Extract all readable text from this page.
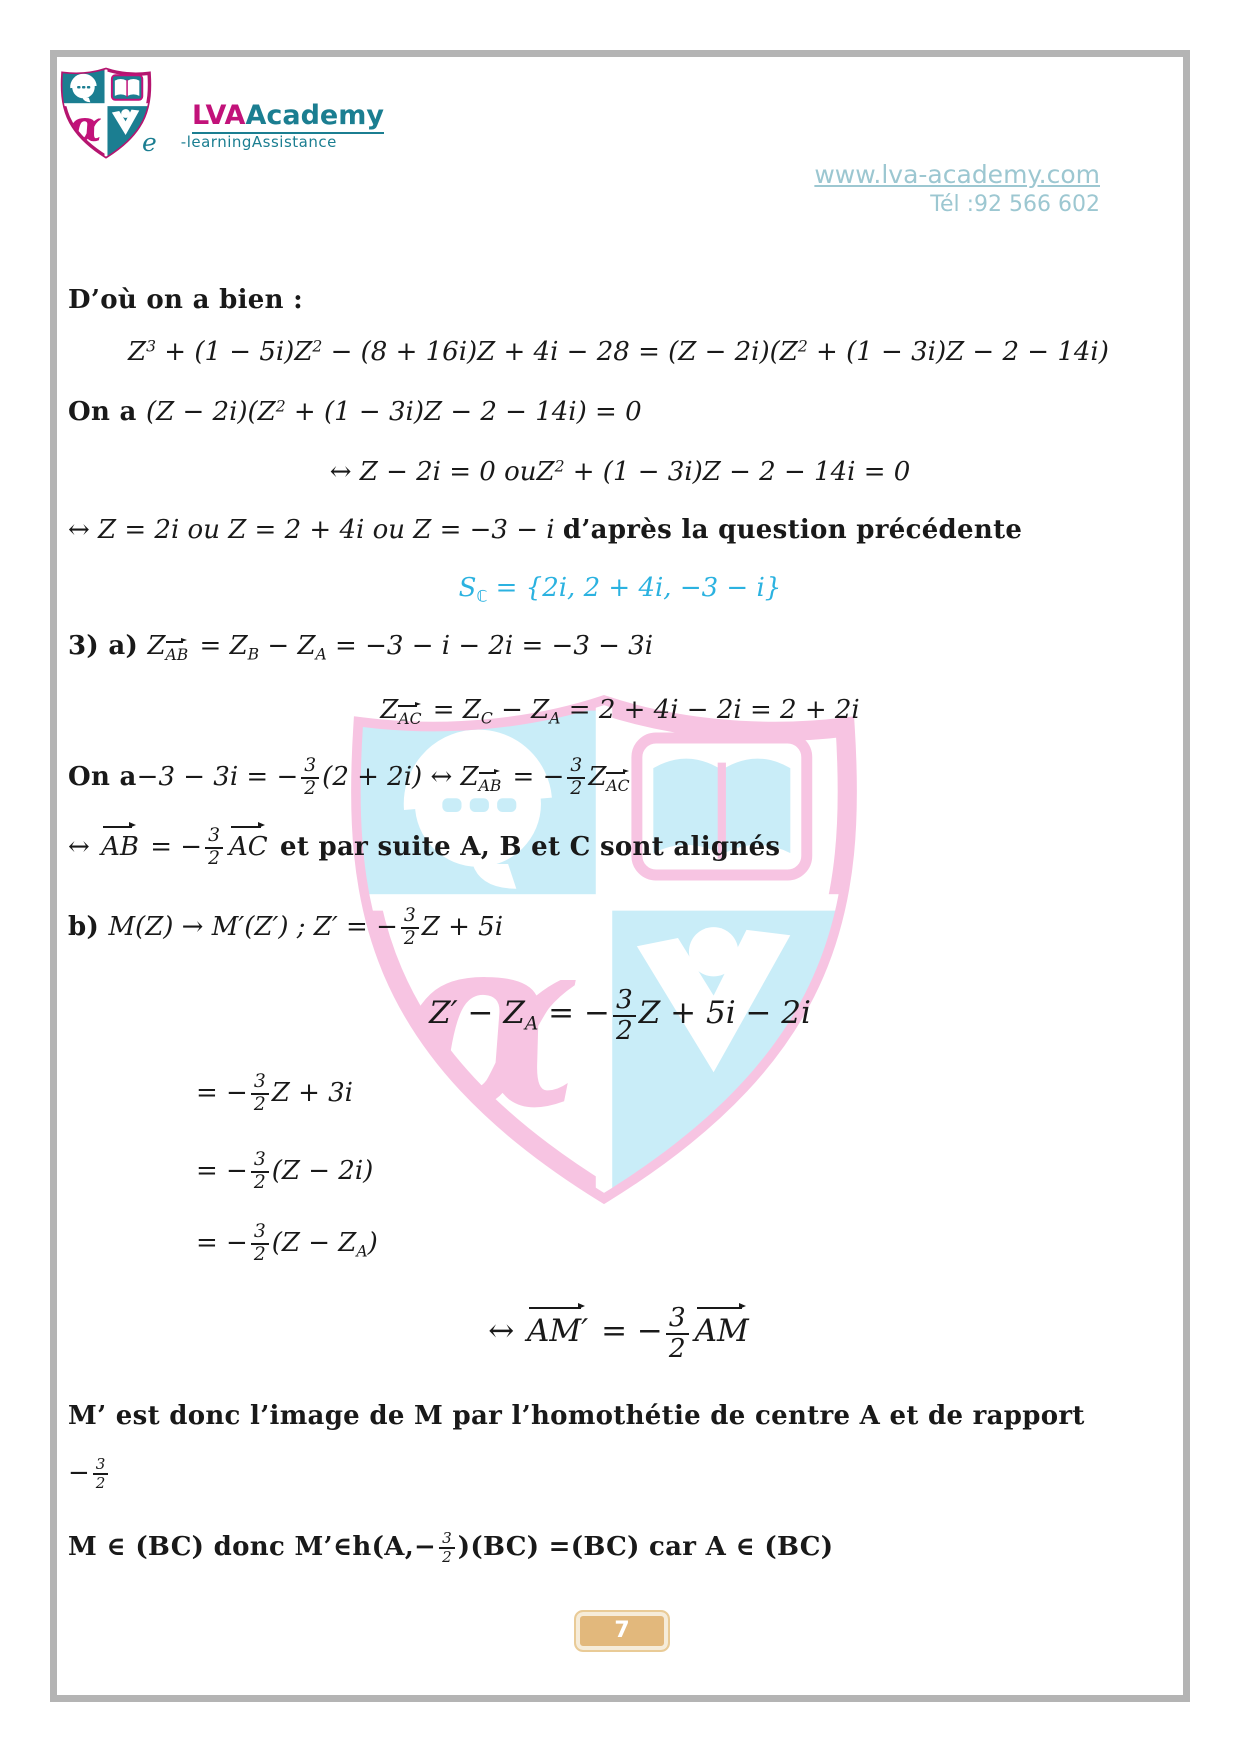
LVAAcademy
e -learningAssistance
www.lva-academy.com
Tél :92 566 602
D’où on a bien :
$Z^3 + (1 - 5i)Z^2 - (8 + 16i)Z + 4i - 28 = (Z - 2i)(Z^2 + (1 - 3i)Z - 2 - 14i)$
On a $(Z - 2i)(Z^2 + (1 - 3i)Z - 2 - 14i) = 0$
↔ Z − 2i = 0 ouZ$^2$ + (1 − 3i)Z − 2 − 14i = 0
↔ Z = 2i ou Z = 2 + 4i ou Z = −3 − i d’après la question précédente
$S_ℂ = \{2i$, 2 + 4i, −3 − i}
3) a) $Z_{AB} = Z_B - Z_A = -3 - i - 2i = -3 - 3i$
$Z_{AC} = Z_C - Z_A = 2 + 4i - 2i = 2 + 2i$
On a−3 − 3i = − $\frac{3}{2} (2 + 2i)$ ↔ $Z_{AB}$ = − $\frac{3}{2} Z_{AC}$
↔ AB = − $\frac{3}{2}$ AC et par suite A, B et C sont alignés
b) M(Z) → M′(Z′) ; Z′ = − $\frac{3}{2}$ Z + 5i
$Z' - Z_A$ = − $\frac{3}{2}$ Z + 5i − 2i
= − $\frac{3}{2}$ Z + 3i
= − $\frac{3}{2} (Z - 2i)$
= − $\frac{3}{2} (Z - Z_A)$
↔ AM′ = − $\frac{3}{2}$ AM
M’ est donc l’image de M par l’homothétie de centre A et de rapport
− $\frac{3}{2}$
M ∈ (BC) donc M’∈h(A,− $\frac{3}{2} )(BC) =(BC)$ car A ∈ (BC)
7
